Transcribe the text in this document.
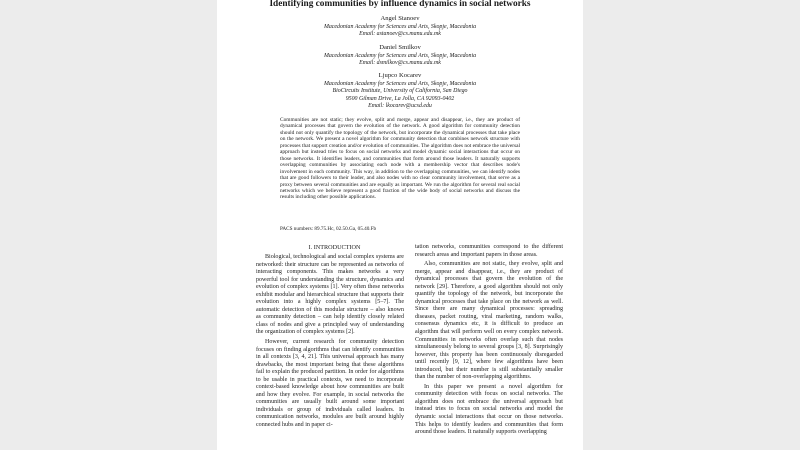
Identifying communities by influence dynamics in social networks
Angel Stanoev
Macedonian Academy for Sciences and Arts, Skopje, Macedonia
Email: astanoev@cs.manu.edu.mk
Daniel Smilkov
Macedonian Academy for Sciences and Arts, Skopje, Macedonia
Email: dsmilkov@cs.manu.edu.mk
Ljupco Kocarev
Macedonian Academy for Sciences and Arts, Skopje, Macedonia
BioCircuits Institute, University of California, San Diego
9500 Gilman Drive, La Jolla, CA 92093-0402
Email: lkocarev@ucsd.edu

Communities are not static; they evolve, split and merge, appear and disappear, i.e., they are product of dynamical processes that govern the evolution of the network. A good algorithm for community detection should not only quantify the topology of the network, but incorporate the dynamical processes that take place on the network. We present a novel algorithm for community detection that combines network structure with processes that support creation and/or evolution of communities. The algorithm does not embrace the universal approach but instead tries to focus on social networks and model dynamic social interactions that occur on those networks. It identifies leaders, and communities that form around those leaders. It naturally supports overlapping communities by associating each node with a membership vector that describes node's involvement in each community. This way, in addition to the overlapping communities, we can identify nodes that are good followers to their leader, and also nodes with no clear community involvement, that serve as a proxy between several communities and are equally as important. We run the algorithm for several real social networks which we believe represent a good fraction of the wide body of social networks and discuss the results including other possible applications.

PACS numbers: 89.75.Hc, 02.50.Ga, 05.40.Fb

I. INTRODUCTION

Biological, technological and social complex systems are networked: their structure can be represented as networks of interacting components. This makes networks a very powerful tool for understanding the structure, dynamics and evolution of complex systems [1]. Very often these networks exhibit modular and hierarchical structure that supports their evolution into a highly complex systems [5–7]. The automatic detection of this modular structure – also known as community detection – can help identify closely related class of nodes and give a principled way of understanding the organization of complex systems [2].

However, current research for community detection focuses on finding algorithms that can identify communities in all contexts [3, 4, 21]. This universal approach has many drawbacks, the most important being that these algorithms fail to explain the produced partition. In order for algorithms to be usable in practical contexts, we need to incorporate context-based knowledge about how communities are built and how they evolve. For example, in social networks the communities are usually built around some important individuals or group of individuals called leaders. In communication networks, modules are built around highly connected hubs and in paper ci-

tation networks, communities correspond to the different research areas and important papers in those areas.

Also, communities are not static, they evolve, split and merge, appear and disappear, i.e., they are product of dynamical processes that govern the evolution of the network [29]. Therefore, a good algorithm should not only quantify the topology of the network, but incorporate the dynamical processes that take place on the network as well. Since there are many dynamical processes: spreading diseases, packet routing, viral marketing, random walks, consensus dynamics etc, it is difficult to produce an algorithm that will perform well on every complex network. Communities in networks often overlap such that nodes simultaneously belong to several groups [3, 8]. Surprisingly however, this property has been continuously disregarded until recently [9, 12], where few algorithms have been introduced, but their number is still substantially smaller than the number of non-overlapping algorithms.

In this paper we present a novel algorithm for community detection with focus on social networks. The algorithm does not embrace the universal approach but instead tries to focus on social networks and model the dynamic social interactions that occur on those networks. This helps to identify leaders and communities that form around those leaders. It naturally supports overlapping
